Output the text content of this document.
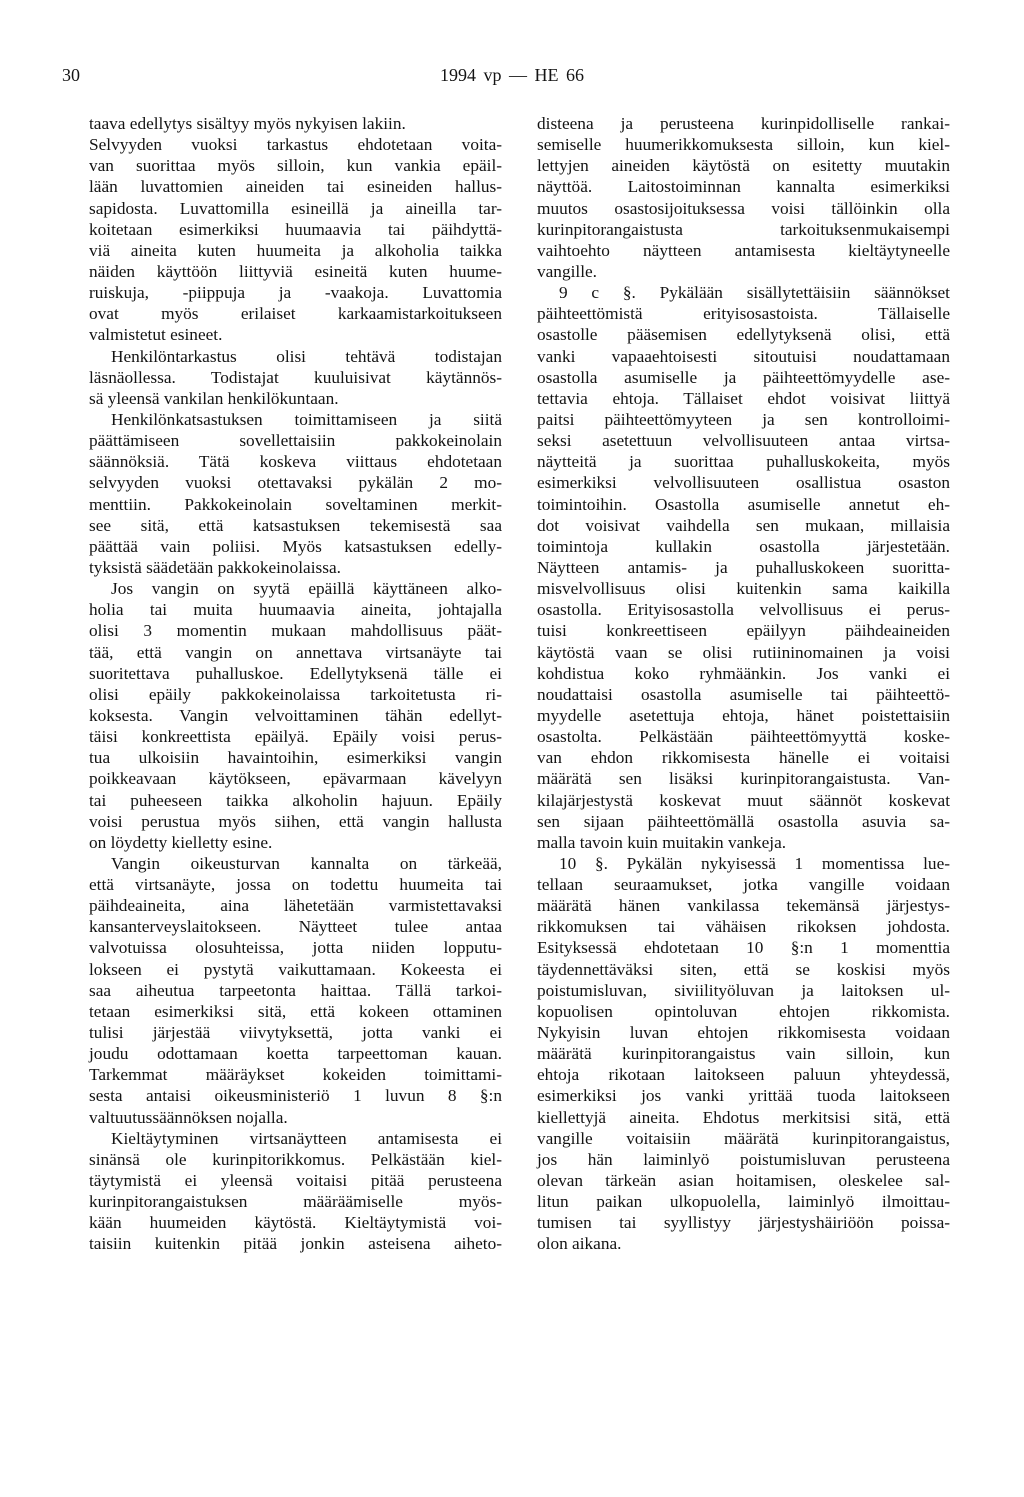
30	1994 vp — HE 66
taava edellytys sisältyy myös nykyisen lakiin.
Selvyyden vuoksi tarkastus ehdotetaan voita-
van suorittaa myös silloin, kun vankia epäil-
lään luvattomien aineiden tai esineiden hallus-
sapidosta. Luvattomilla esineillä ja aineilla tar-
koitetaan esimerkiksi huumaavia tai päihdyttä-
viä aineita kuten huumeita ja alkoholia taikka
näiden käyttöön liittyviä esineitä kuten huume-
ruiskuja, -piippuja ja -vaakoja. Luvattomia
ovat myös erilaiset karkaamistarkoitukseen
valmistetut esineet.
Henkilöntarkastus olisi tehtävä todistajan
läsnäollessa. Todistajat kuuluisivat käytännös-
sä yleensä vankilan henkilökuntaan.
Henkilönkatsastuksen toimittamiseen ja siitä
päättämiseen sovellettaisiin pakkokeinolain
säännöksiä. Tätä koskeva viittaus ehdotetaan
selvyyden vuoksi otettavaksi pykälän 2 mo-
menttiin. Pakkokeinolain soveltaminen merkit-
see sitä, että katsastuksen tekemisestä saa
päättää vain poliisi. Myös katsastuksen edelly-
tyksistä säädetään pakkokeinolaissa.
Jos vangin on syytä epäillä käyttäneen alko-
holia tai muita huumaavia aineita, johtajalla
olisi 3 momentin mukaan mahdollisuus päät-
tää, että vangin on annettava virtsanäyte tai
suoritettava puhalluskoe. Edellytyksenä tälle ei
olisi epäily pakkokeinolaissa tarkoitetusta ri-
koksesta. Vangin velvoittaminen tähän edellyt-
täisi konkreettista epäilyä. Epäily voisi perus-
tua ulkoisiin havaintoihin, esimerkiksi vangin
poikkeavaan käytökseen, epävarmaan kävelyyn
tai puheeseen taikka alkoholin hajuun. Epäily
voisi perustua myös siihen, että vangin hallusta
on löydetty kielletty esine.
Vangin oikeusturvan kannalta on tärkeää,
että virtsanäyte, jossa on todettu huumeita tai
päihdeaineita, aina lähetetään varmistettavaksi
kansanterveyslaitokseen. Näytteet tulee antaa
valvotuissa olosuhteissa, jotta niiden lopputu-
lokseen ei pystytä vaikuttamaan. Kokeesta ei
saa aiheutua tarpeetonta haittaa. Tällä tarkoi-
tetaan esimerkiksi sitä, että kokeen ottaminen
tulisi järjestää viivytyksettä, jotta vanki ei
joudu odottamaan koetta tarpeettoman kauan.
Tarkemmat määräykset kokeiden toimittami-
sesta antaisi oikeusministeriö 1 luvun 8 §:n
valtuutussäännöksen nojalla.
Kieltäytyminen virtsanäytteen antamisesta ei
sinänsä ole kurinpitorikkomus. Pelkästään kiel-
täytymistä ei yleensä voitaisi pitää perusteena
kurinpitorangaistuksen määräämiselle myös-
kään huumeiden käytöstä. Kieltäytymistä voi-
taisiin kuitenkin pitää jonkin asteisena aiheto-
disteena ja perusteena kurinpidolliselle rankai-
semiselle huumerikkomuksesta silloin, kun kiel-
lettyjen aineiden käytöstä on esitetty muutakin
näyttöä. Laitostoiminnan kannalta esimerkiksi
muutos osastosijoituksessa voisi tällöinkin olla
kurinpitorangaistusta tarkoituksenmukaisempi
vaihtoehto näytteen antamisesta kieltäytyneelle
vangille.
9 c §. Pykälään sisällytettäisiin säännökset
päihteettömistä erityisosastoista. Tällaiselle
osastolle pääsemisen edellytyksenä olisi, että
vanki vapaaehtoisesti sitoutuisi noudattamaan
osastolla asumiselle ja päihteettömyydelle ase-
tettavia ehtoja. Tällaiset ehdot voisivat liittyä
paitsi päihteettömyyteen ja sen kontrolloimi-
seksi asetettuun velvollisuuteen antaa virtsa-
näytteitä ja suorittaa puhalluskokeita, myös
esimerkiksi velvollisuuteen osallistua osaston
toimintoihin. Osastolla asumiselle annetut eh-
dot voisivat vaihdella sen mukaan, millaisia
toimintoja kullakin osastolla järjestetään.
Näytteen antamis- ja puhalluskokeen suoritta-
misvelvollisuus olisi kuitenkin sama kaikilla
osastolla. Erityisosastolla velvollisuus ei perus-
tuisi konkreettiseen epäilyyn päihdeaineiden
käytöstä vaan se olisi rutiininomainen ja voisi
kohdistua koko ryhmäänkin. Jos vanki ei
noudattaisi osastolla asumiselle tai päihteettö-
myydelle asetettuja ehtoja, hänet poistettaisiin
osastolta. Pelkästään päihteettömyyttä koske-
van ehdon rikkomisesta hänelle ei voitaisi
määrätä sen lisäksi kurinpitorangaistusta. Van-
kilajärjestystä koskevat muut säännöt koskevat
sen sijaan päihteettömällä osastolla asuvia sa-
malla tavoin kuin muitakin vankeja.
10 §. Pykälän nykyisessä 1 momentissa lue-
tellaan seuraamukset, jotka vangille voidaan
määrätä hänen vankilassa tekemänsä järjestys-
rikkomuksen tai vähäisen rikoksen johdosta.
Esityksessä ehdotetaan 10 §:n 1 momenttia
täydennettäväksi siten, että se koskisi myös
poistumisluvan, siviilityöluvan ja laitoksen ul-
kopuolisen opintoluvan ehtojen rikkomista.
Nykyisin luvan ehtojen rikkomisesta voidaan
määrätä kurinpitorangaistus vain silloin, kun
ehtoja rikotaan laitokseen paluun yhteydessä,
esimerkiksi jos vanki yrittää tuoda laitokseen
kiellettyjä aineita. Ehdotus merkitsisi sitä, että
vangille voitaisiin määrätä kurinpitorangaistus,
jos hän laiminlyö poistumisluvan perusteena
olevan tärkeän asian hoitamisen, oleskelee sal-
litun paikan ulkopuolella, laiminlyö ilmoittau-
tumisen tai syyllistyy järjestyshäiriöön poissa-
olon aikana.
